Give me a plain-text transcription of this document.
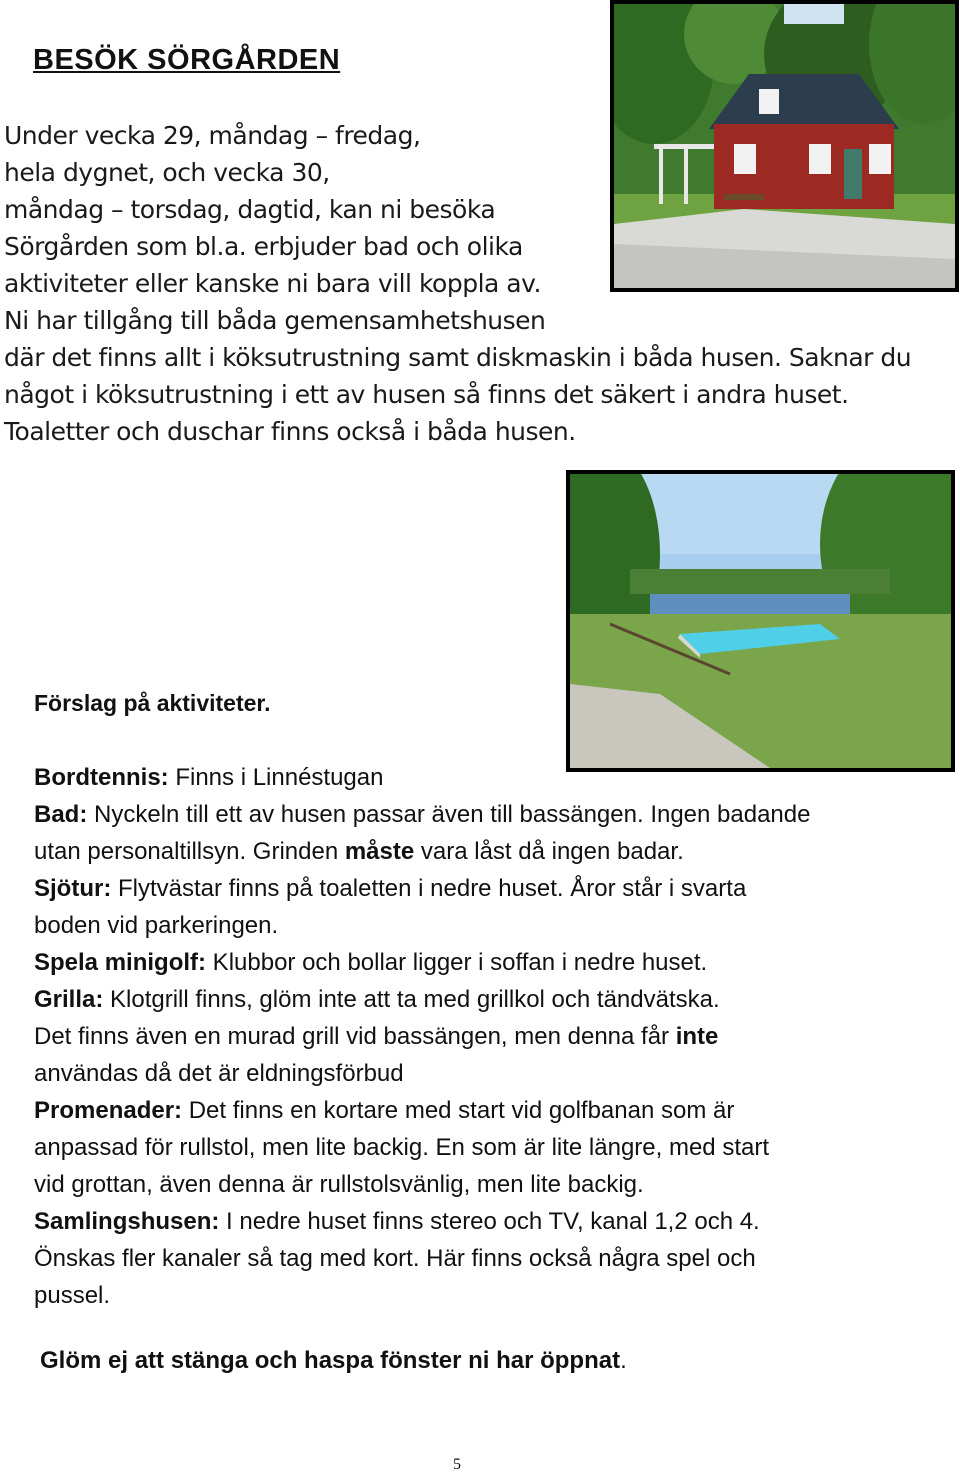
BESÖK SÖRGÅRDEN
Under vecka 29, måndag – fredag,
hela dygnet, och vecka 30,
måndag – torsdag, dagtid, kan ni besöka
Sörgården som bl.a. erbjuder bad och olika
aktiviteter eller kanske ni bara vill koppla av.
Ni har tillgång till båda gemensamhetshusen
där det finns allt i köksutrustning samt diskmaskin i båda husen. Saknar du
något i köksutrustning i ett av husen så finns det säkert i andra huset.
Toaletter och duschar finns också i båda husen.
Förslag på aktiviteter.
Bordtennis: Finns i Linnéstugan
Bad: Nyckeln till ett av husen passar även till bassängen. Ingen badande
utan personaltillsyn. Grinden måste vara låst då ingen badar.
Sjötur: Flytvästar finns på toaletten i nedre huset. Åror står i svarta
boden vid parkeringen.
Spela minigolf: Klubbor och bollar ligger i soffan i nedre huset.
Grilla: Klotgrill finns, glöm inte att ta med grillkol och tändvätska.
Det finns även en murad grill vid bassängen, men denna får inte
användas då det är eldningsförbud
Promenader: Det finns en kortare med start vid golfbanan som är
anpassad för rullstol, men lite backig. En som är lite längre, med start
vid grottan, även denna är rullstolsvänlig, men lite backig.
Samlingshusen: I nedre huset finns stereo och TV, kanal 1,2 och 4.
Önskas fler kanaler så tag med kort. Här finns också några spel och
pussel.
Glöm ej att stänga och haspa fönster ni har öppnat.
5
